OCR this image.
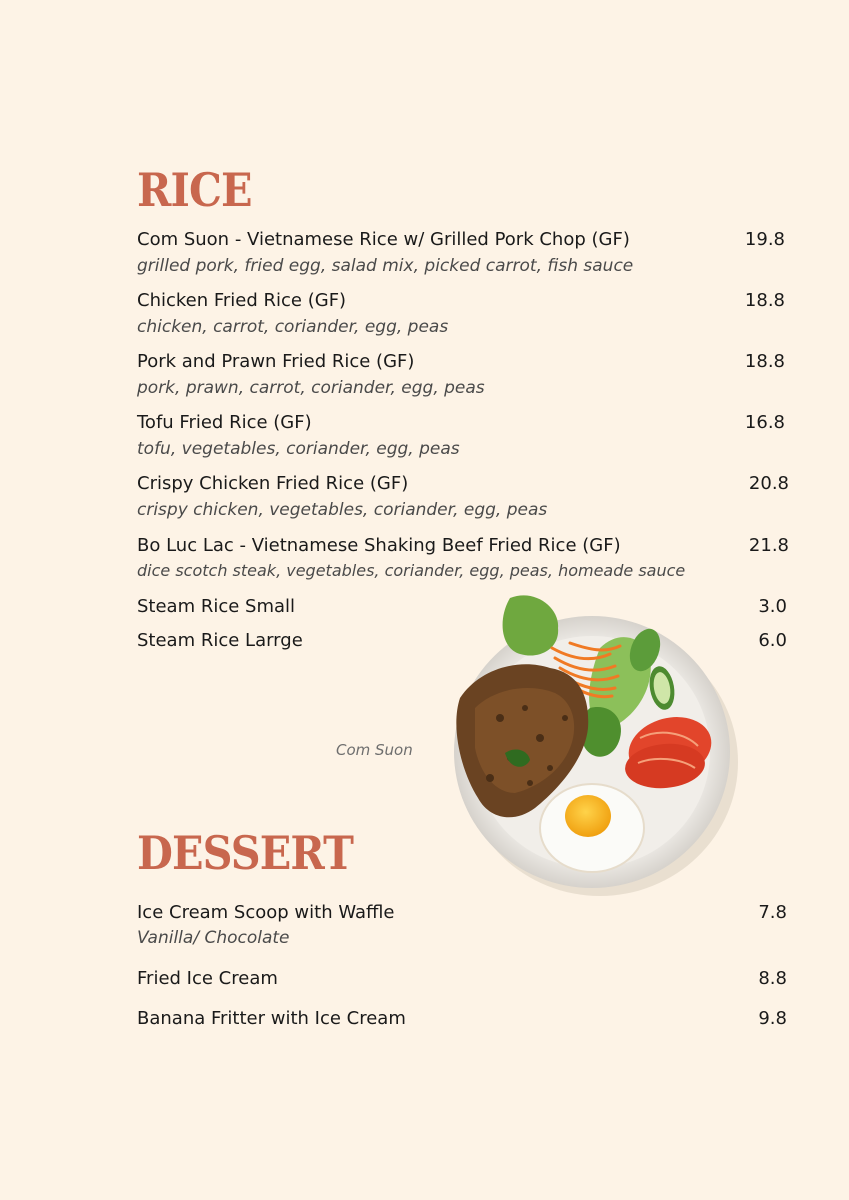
RICE
Com Suon - Vietnamese Rice w/ Grilled Pork Chop (GF)	19.8
grilled pork, fried egg, salad mix, picked carrot, fish sauce
Chicken Fried Rice (GF)	18.8
chicken, carrot, coriander, egg, peas
Pork and Prawn Fried Rice (GF)	18.8
pork, prawn, carrot, coriander, egg, peas
Tofu Fried Rice (GF)	16.8
tofu, vegetables, coriander, egg, peas
Crispy Chicken Fried Rice (GF)	20.8
crispy chicken, vegetables, coriander, egg, peas
Bo Luc Lac - Vietnamese Shaking Beef Fried Rice (GF)	21.8
dice scotch steak, vegetables, coriander, egg, peas, homeade sauce
Steam Rice Small	3.0
Steam Rice Larrge	6.0
Com Suon
DESSERT
Ice Cream Scoop with Waffle	7.8
Vanilla/ Chocolate
Fried Ice Cream	8.8
Banana Fritter with Ice Cream	9.8
